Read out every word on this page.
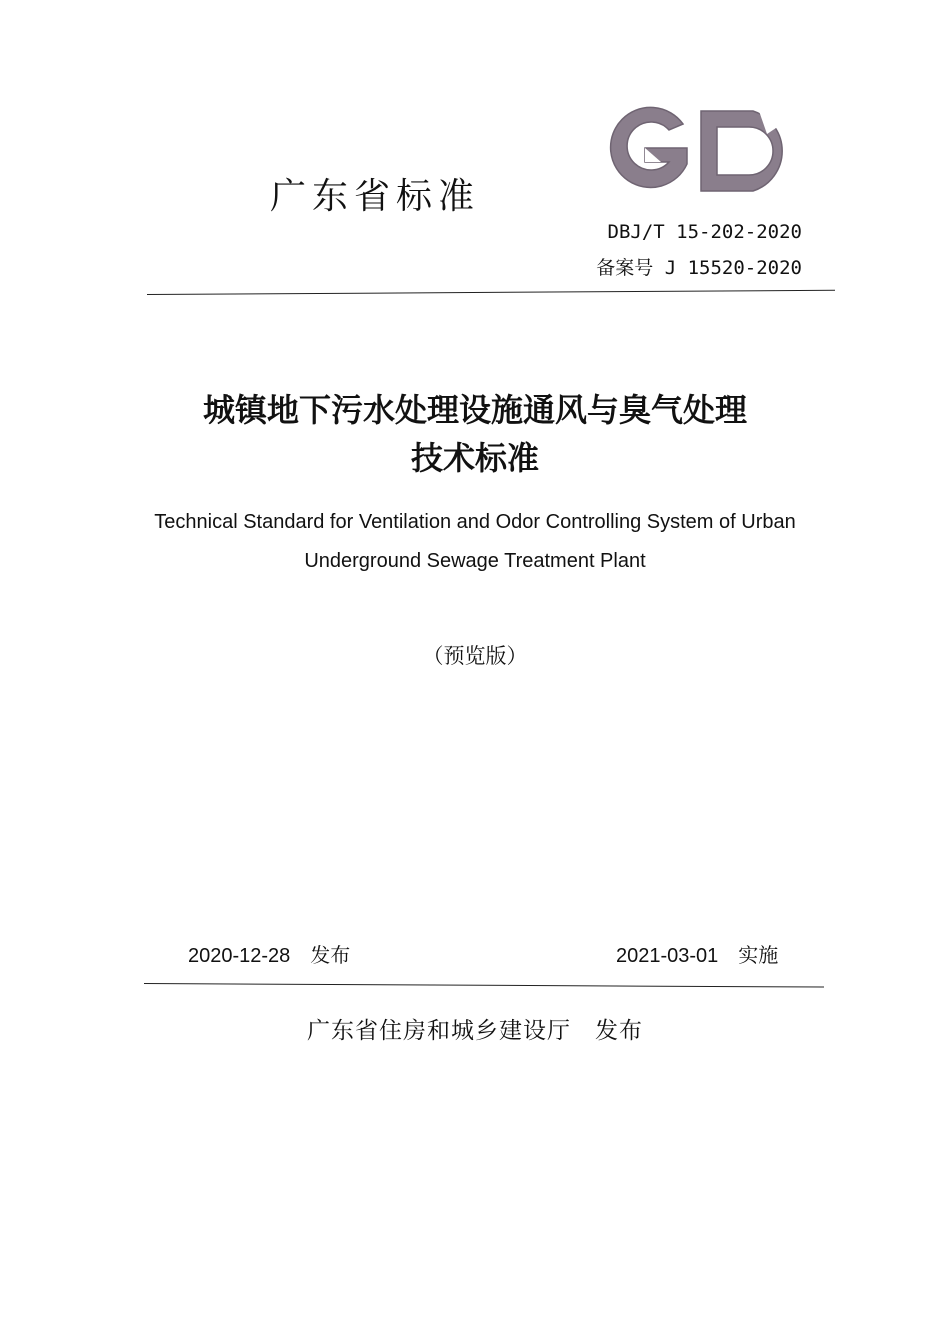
广东省标准
DBJ/T 15-202-2020
备案号 J 15520-2020
城镇地下污水处理设施通风与臭气处理
技术标准
Technical Standard for Ventilation and Odor Controlling System of Urban
Underground Sewage Treatment Plant
（预览版）
2020-12-28　发布	2021-03-01　实施
广东省住房和城乡建设厅　发布
